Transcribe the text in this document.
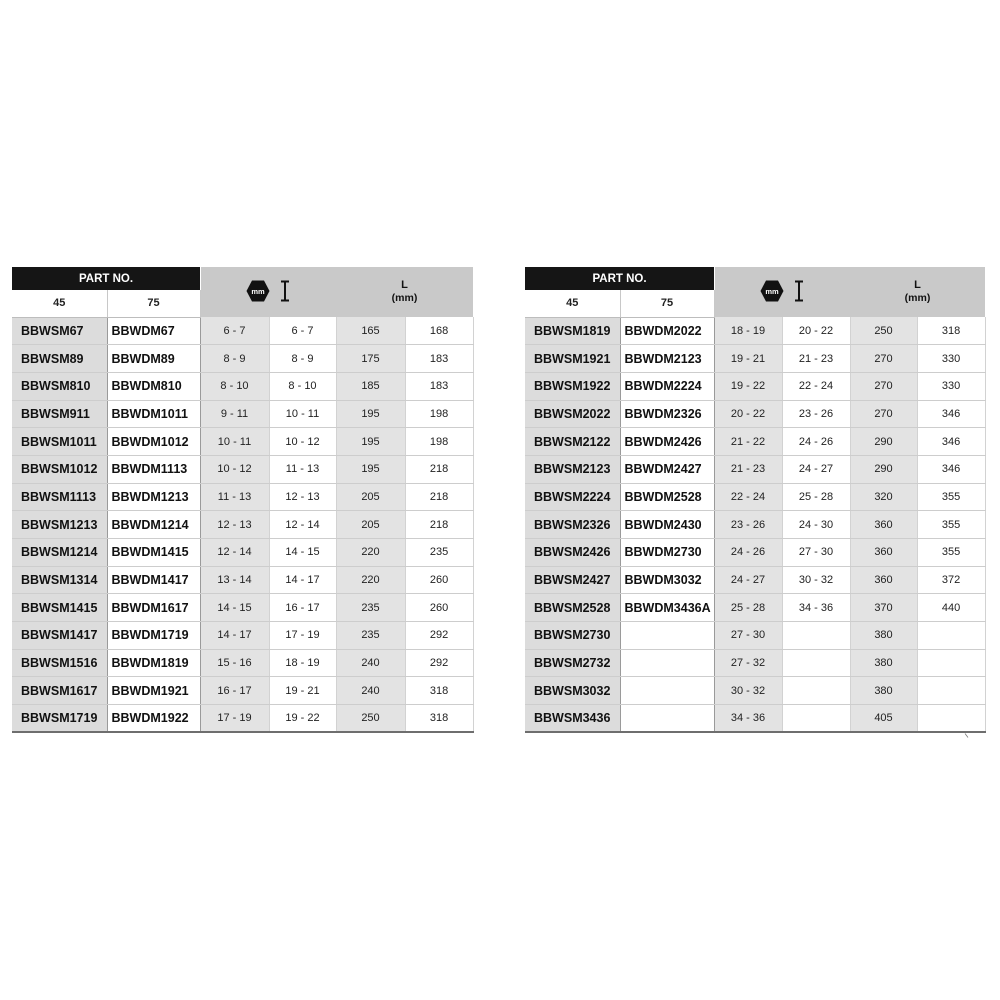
PART NO.		mm		L
(mm)	

45	75				
BBWSM67	BBWDM67	6 - 7	6 - 7	165	168
BBWSM89	BBWDM89	8 - 9	8 - 9	175	183
BBWSM810	BBWDM810	8 - 10	8 - 10	185	183
BBWSM911	BBWDM1011	9 - 11	10 - 11	195	198
BBWSM1011	BBWDM1012	10 - 11	10 - 12	195	198
BBWSM1012	BBWDM1113	10 - 12	11 - 13	195	218
BBWSM1113	BBWDM1213	11 - 13	12 - 13	205	218
BBWSM1213	BBWDM1214	12 - 13	12 - 14	205	218
BBWSM1214	BBWDM1415	12 - 14	14 - 15	220	235
BBWSM1314	BBWDM1417	13 - 14	14 - 17	220	260
BBWSM1415	BBWDM1617	14 - 15	16 - 17	235	260
BBWSM1417	BBWDM1719	14 - 17	17 - 19	235	292
BBWSM1516	BBWDM1819	15 - 16	18 - 19	240	292
BBWSM1617	BBWDM1921	16 - 17	19 - 21	240	318
BBWSM1719	BBWDM1922	17 - 19	19 - 22	250	318
PART NO.		mm		L
(mm)	

45	75				
BBWSM1819	BBWDM2022	18 - 19	20 - 22	250	318
BBWSM1921	BBWDM2123	19 - 21	21 - 23	270	330
BBWSM1922	BBWDM2224	19 - 22	22 - 24	270	330
BBWSM2022	BBWDM2326	20 - 22	23 - 26	270	346
BBWSM2122	BBWDM2426	21 - 22	24 - 26	290	346
BBWSM2123	BBWDM2427	21 - 23	24 - 27	290	346
BBWSM2224	BBWDM2528	22 - 24	25 - 28	320	355
BBWSM2326	BBWDM2430	23 - 26	24 - 30	360	355
BBWSM2426	BBWDM2730	24 - 26	27 - 30	360	355
BBWSM2427	BBWDM3032	24 - 27	30 - 32	360	372
BBWSM2528	BBWDM3436A	25 - 28	34 - 36	370	440
BBWSM2730		27 - 30		380	
BBWSM2732		27 - 32		380	
BBWSM3032		30 - 32		380	
BBWSM3436		34 - 36		405	
